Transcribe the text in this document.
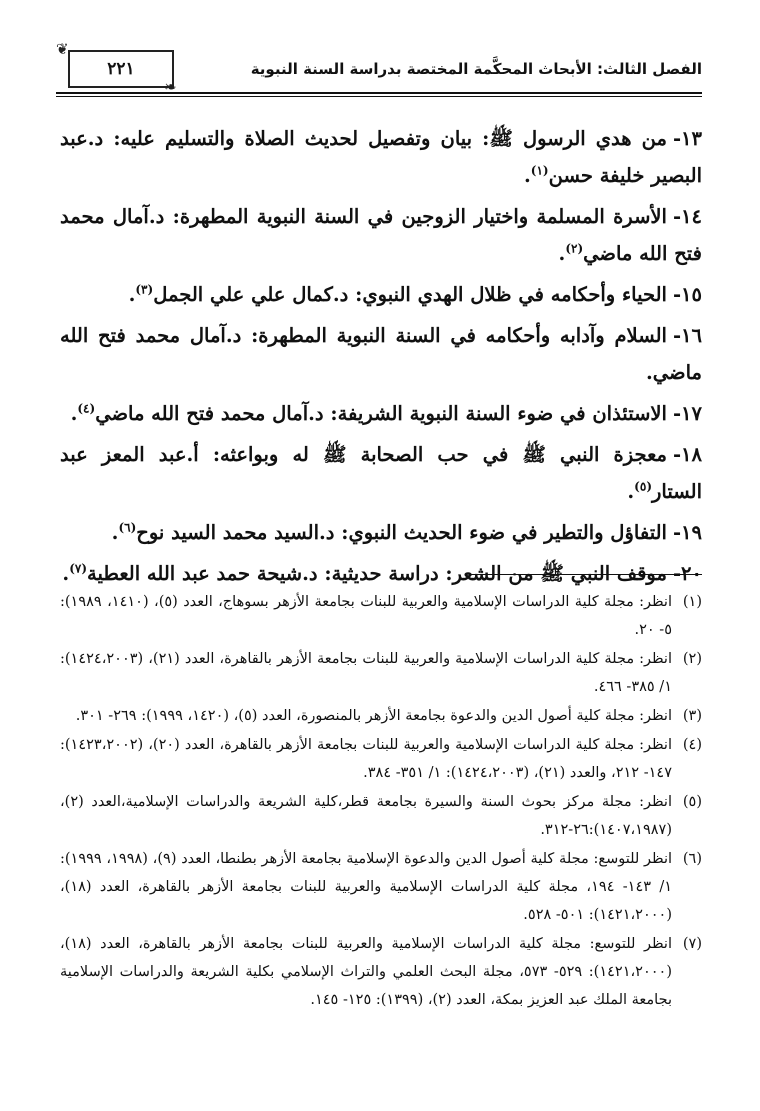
❦
٢٢١
❧
الفصل الثالث: الأبحاث المحكَّمة المختصة بدراسة السنة النبوية
١٣-من هدي الرسول ﷺ: بيان وتفصيل لحديث الصلاة والتسليم عليه: د.عبد البصير خليفة حسن$^{(١)}$.
١٤-الأسرة المسلمة واختيار الزوجين في السنة النبوية المطهرة: د.آمال محمد فتح الله ماضي$^{(٢)}$.
١٥-الحياء وأحكامه في ظلال الهدي النبوي: د.كمال علي علي الجمل$^{(٣)}$.
١٦-السلام وآدابه وأحكامه في السنة النبوية المطهرة: د.آمال محمد فتح الله ماضي.
١٧-الاستئذان في ضوء السنة النبوية الشريفة: د.آمال محمد فتح الله ماضي$^{(٤)}$.
١٨-معجزة النبي ﷺ في حب الصحابة ﷺ له وبواعثه: أ.عبد المعز عبد الستار$^{(٥)}$.
١٩-التفاؤل والتطير في ضوء الحديث النبوي: د.السيد محمد السيد نوح$^{(٦)}$.
٢٠-موقف النبي ﷺ من الشعر: دراسة حديثية: د.شيحة حمد عبد الله العطية$^{(٧)}$.
(١)
انظر: مجلة كلية الدراسات الإسلامية والعربية للبنات بجامعة الأزهر بسوهاج، العدد (٥)، (١٤١٠، ١٩٨٩): ٥- ٢٠.
(٢)
انظر: مجلة كلية الدراسات الإسلامية والعربية للبنات بجامعة الأزهر بالقاهرة، العدد (٢١)، (١٤٢٤،٢٠٠٣): ١/ ٣٨٥- ٤٦٦.
(٣)
انظر: مجلة كلية أصول الدين والدعوة بجامعة الأزهر بالمنصورة، العدد (٥)، (١٤٢٠، ١٩٩٩): ٢٦٩- ٣٠١.
(٤)
انظر: مجلة كلية الدراسات الإسلامية والعربية للبنات بجامعة الأزهر بالقاهرة، العدد (٢٠)، (١٤٢٣،٢٠٠٢): ١٤٧- ٢١٢، والعدد (٢١)، (١٤٢٤،٢٠٠٣): ١/ ٣٥١- ٣٨٤.
(٥)
انظر: مجلة مركز بحوث السنة والسيرة بجامعة قطر،كلية الشريعة والدراسات الإسلامية،العدد (٢)،(١٤٠٧،١٩٨٧):٢٦-٣١٢.
(٦)
انظر للتوسع: مجلة كلية أصول الدين والدعوة الإسلامية بجامعة الأزهر بطنطا، العدد (٩)، (١٩٩٨، ١٩٩٩): ١/ ١٤٣- ١٩٤، مجلة كلية الدراسات الإسلامية والعربية للبنات بجامعة الأزهر بالقاهرة، العدد (١٨)، (١٤٢١،٢٠٠٠): ٥٠١- ٥٢٨.
(٧)
انظر للتوسع: مجلة كلية الدراسات الإسلامية والعربية للبنات بجامعة الأزهر بالقاهرة، العدد (١٨)، (١٤٢١،٢٠٠٠): ٥٢٩- ٥٧٣، مجلة البحث العلمي والتراث الإسلامي بكلية الشريعة والدراسات الإسلامية بجامعة الملك عبد العزيز بمكة، العدد (٢)، (١٣٩٩): ١٢٥- ١٤٥.
